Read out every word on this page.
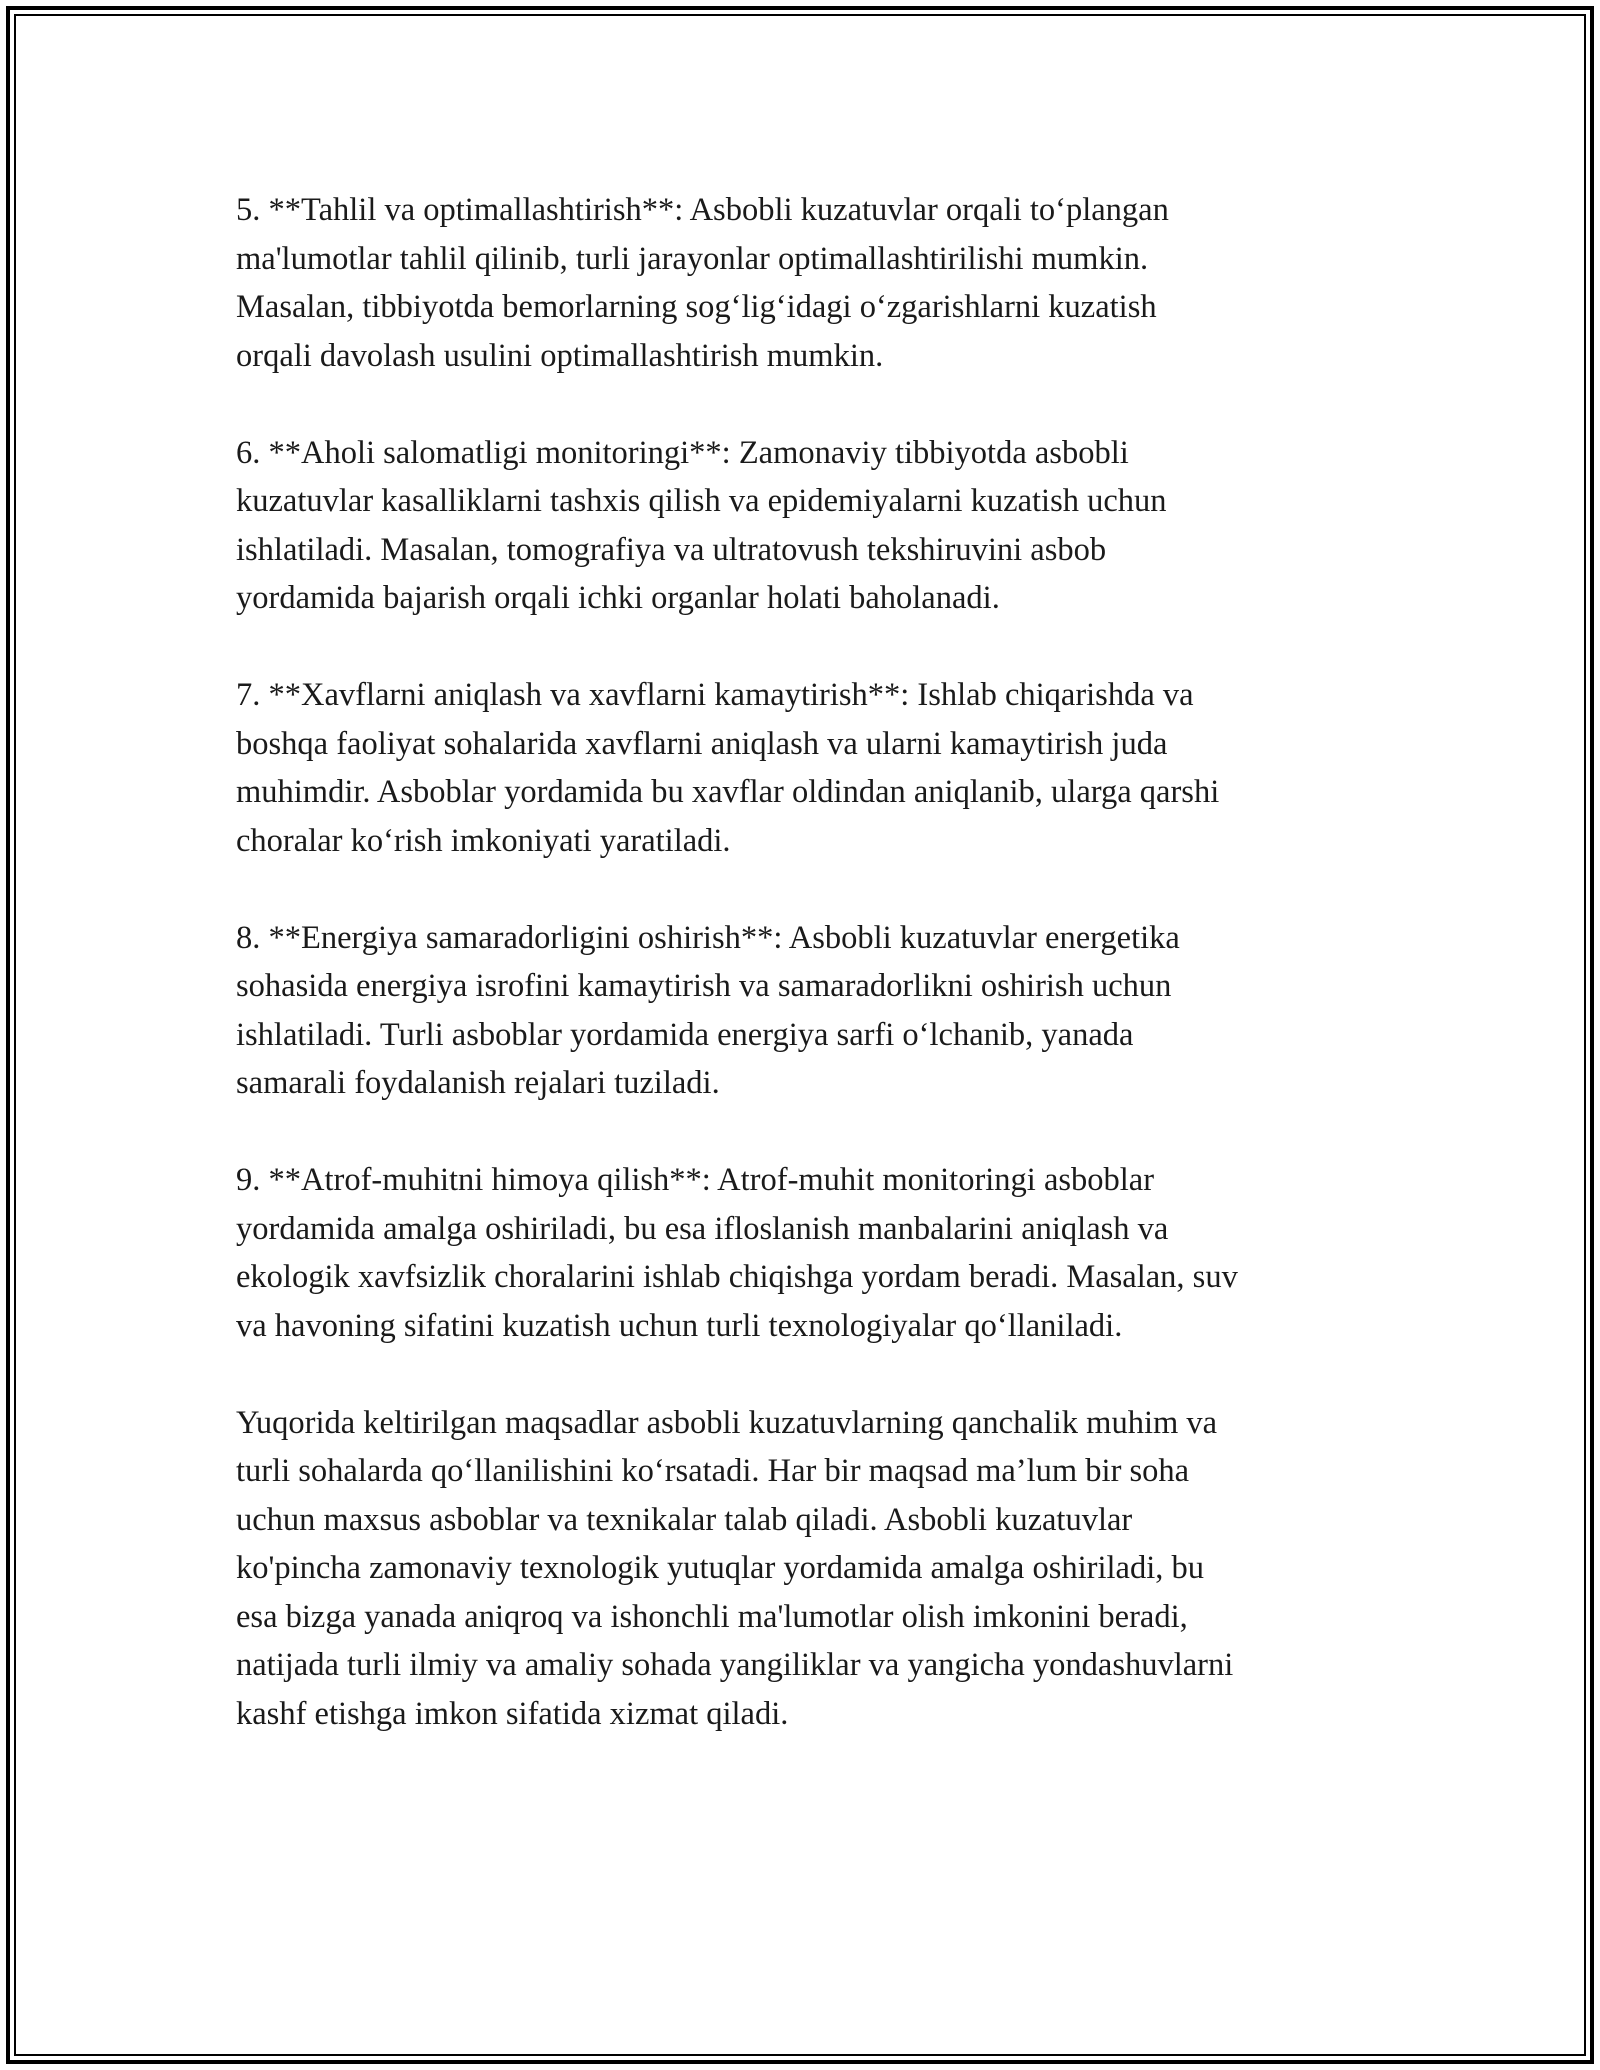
5. **Tahlil va optimallashtirish**: Asbobli kuzatuvlar orqali to‘plangan
ma'lumotlar tahlil qilinib, turli jarayonlar optimallashtirilishi mumkin.
Masalan, tibbiyotda bemorlarning sog‘lig‘idagi o‘zgarishlarni kuzatish
orqali davolash usulini optimallashtirish mumkin.

6. **Aholi salomatligi monitoringi**: Zamonaviy tibbiyotda asbobli
kuzatuvlar kasalliklarni tashxis qilish va epidemiyalarni kuzatish uchun
ishlatiladi. Masalan, tomografiya va ultratovush tekshiruvini asbob
yordamida bajarish orqali ichki organlar holati baholanadi.

7. **Xavflarni aniqlash va xavflarni kamaytirish**: Ishlab chiqarishda va
boshqa faoliyat sohalarida xavflarni aniqlash va ularni kamaytirish juda
muhimdir. Asboblar yordamida bu xavflar oldindan aniqlanib, ularga qarshi
choralar ko‘rish imkoniyati yaratiladi.

8. **Energiya samaradorligini oshirish**: Asbobli kuzatuvlar energetika
sohasida energiya isrofini kamaytirish va samaradorlikni oshirish uchun
ishlatiladi. Turli asboblar yordamida energiya sarfi o‘lchanib, yanada
samarali foydalanish rejalari tuziladi.

9. **Atrof-muhitni himoya qilish**: Atrof-muhit monitoringi asboblar
yordamida amalga oshiriladi, bu esa ifloslanish manbalarini aniqlash va
ekologik xavfsizlik choralarini ishlab chiqishga yordam beradi. Masalan, suv
va havoning sifatini kuzatish uchun turli texnologiyalar qo‘llaniladi.

Yuqorida keltirilgan maqsadlar asbobli kuzatuvlarning qanchalik muhim va
turli sohalarda qo‘llanilishini ko‘rsatadi. Har bir maqsad ma’lum bir soha
uchun maxsus asboblar va texnikalar talab qiladi. Asbobli kuzatuvlar
ko'pincha zamonaviy texnologik yutuqlar yordamida amalga oshiriladi, bu
esa bizga yanada aniqroq va ishonchli ma'lumotlar olish imkonini beradi,
natijada turli ilmiy va amaliy sohada yangiliklar va yangicha yondashuvlarni
kashf etishga imkon sifatida xizmat qiladi.
